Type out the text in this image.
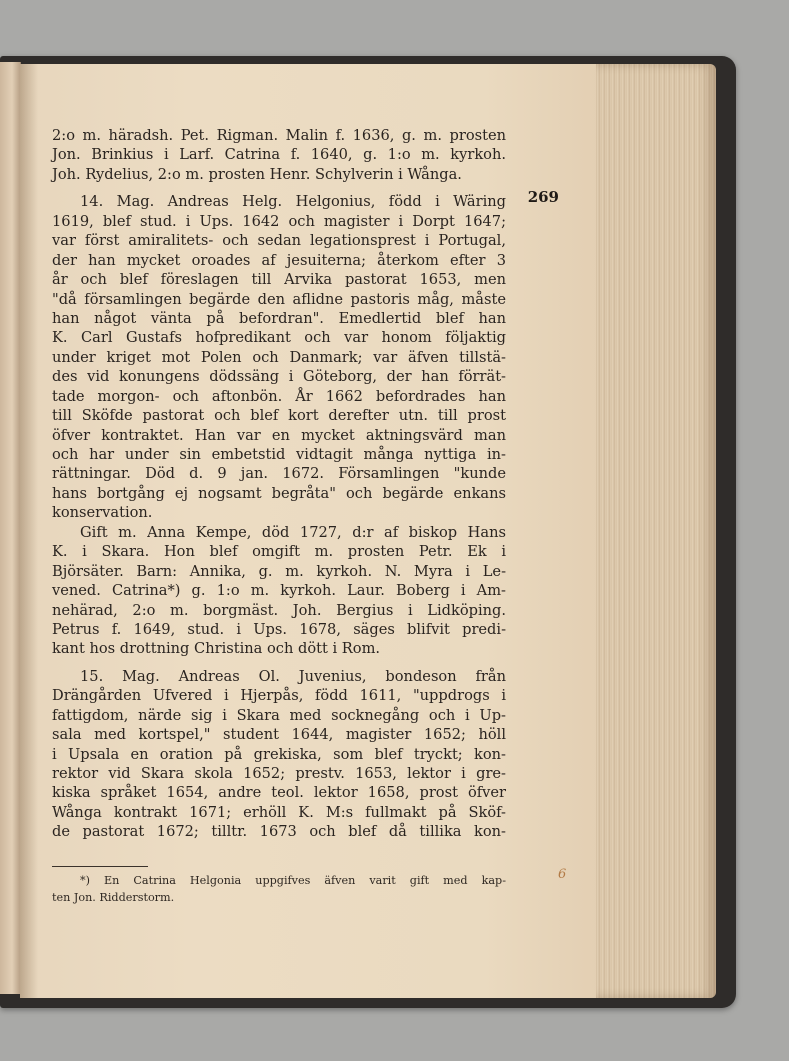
269
2:o m. häradsh. Pet. Rigman. Malin f. 1636, g. m. prosten
Jon. Brinkius i Larf. Catrina f. 1640, g. 1:o m. kyrkoh.
Joh. Rydelius, 2:o m. prosten Henr. Schylverin i Wånga.
14. Mag. Andreas Helg. Helgonius, född i Wäring
1619, blef stud. i Ups. 1642 och magister i Dorpt 1647;
var först amiralitets- och sedan legationsprest i Portugal,
der han mycket oroades af jesuiterna; återkom efter 3
år och blef föreslagen till Arvika pastorat 1653, men
"då församlingen begärde den aflidne pastoris måg, måste
han något vänta på befordran". Emedlertid blef han
K. Carl Gustafs hofpredikant och var honom följaktig
under kriget mot Polen och Danmark; var äfven tillstä-
des vid konungens dödssäng i Göteborg, der han förrät-
tade morgon- och aftonbön. År 1662 befordrades han
till Sköfde pastorat och blef kort derefter utn. till prost
öfver kontraktet. Han var en mycket aktningsvärd man
och har under sin embetstid vidtagit många nyttiga in-
rättningar. Död d. 9 jan. 1672. Församlingen "kunde
hans bortgång ej nogsamt begråta" och begärde enkans
konservation.
Gift m. Anna Kempe, död 1727, d:r af biskop Hans
K. i Skara. Hon blef omgift m. prosten Petr. Ek i
Björsäter. Barn: Annika, g. m. kyrkoh. N. Myra i Le-
vened. Catrina*) g. 1:o m. kyrkoh. Laur. Boberg i Am-
nehärad, 2:o m. borgmäst. Joh. Bergius i Lidköping.
Petrus f. 1649, stud. i Ups. 1678, säges blifvit predi-
kant hos drottning Christina och dött i Rom.
15. Mag. Andreas Ol. Juvenius, bondeson från
Drängården Ufvered i Hjerpås, född 1611, "uppdrogs i
fattigdom, närde sig i Skara med socknegång och i Up-
sala med kortspel," student 1644, magister 1652; höll
i Upsala en oration på grekiska, som blef tryckt; kon-
rektor vid Skara skola 1652; prestv. 1653, lektor i gre-
kiska språket 1654, andre teol. lektor 1658, prost öfver
Wånga kontrakt 1671; erhöll K. M:s fullmakt på Sköf-
de pastorat 1672; tilltr. 1673 och blef då tillika kon-
*) En Catrina Helgonia uppgifves äfven varit gift med kap-
ten Jon. Ridderstorm.
6
